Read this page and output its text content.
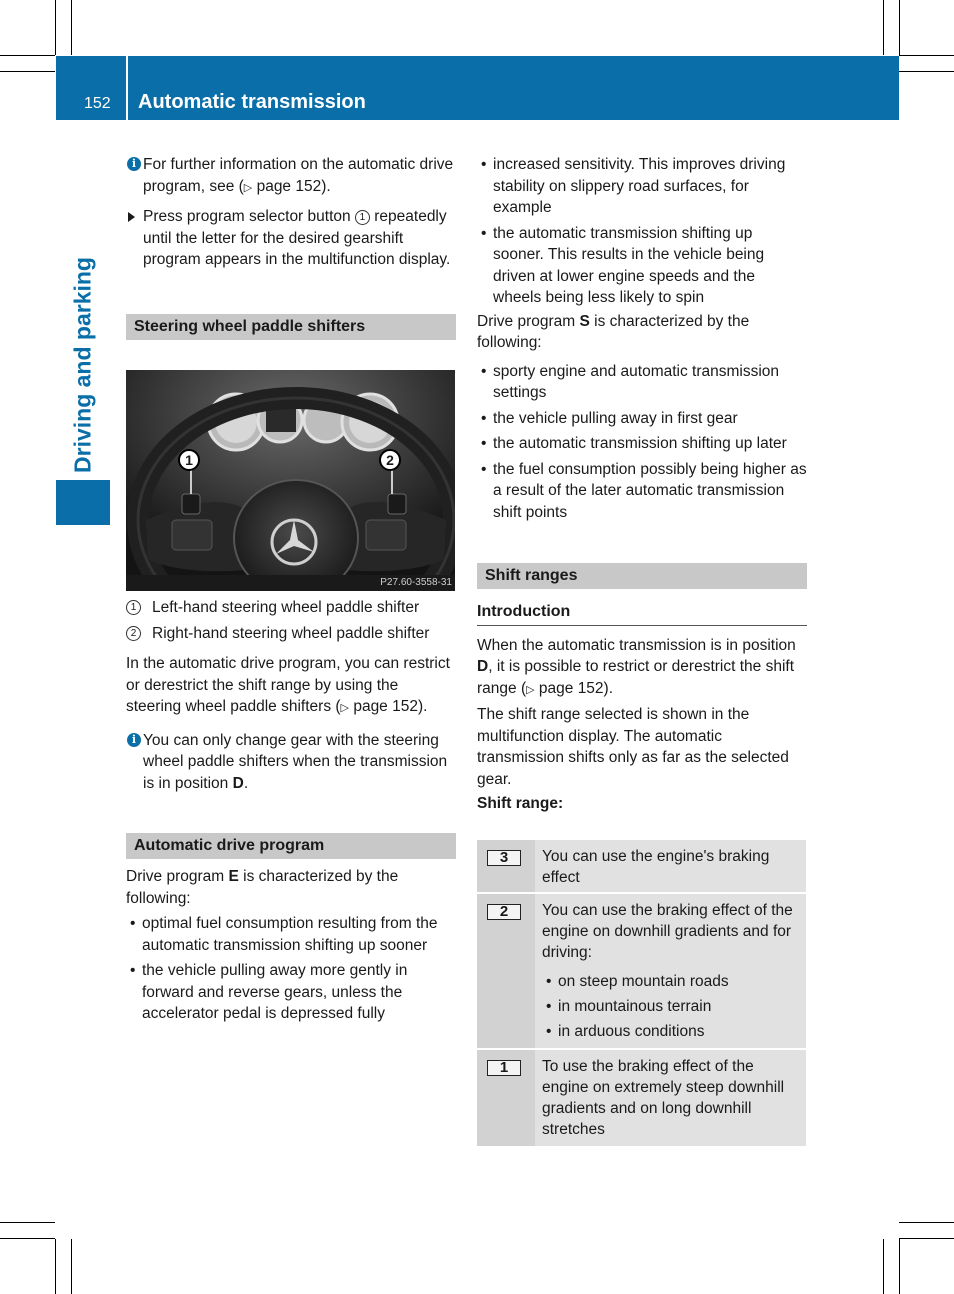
152 Automatic transmission
Driving and parking

i For further information on the automatic drive program, see (▷ page 152).

Press program selector button 1 repeatedly until the letter for the desired gearshift program appears in the multifunction display.

Steering wheel paddle shifters
1	2
P27.60-3558-31

1	Left-hand steering wheel paddle shifter

2	Right-hand steering wheel paddle shifter

In the automatic drive program, you can restrict or derestrict the shift range by using the steering wheel paddle shifters (▷ page 152).

i You can only change gear with the steering wheel paddle shifters when the transmission is in position D.

Automatic drive program

Drive program E is characterized by the following:

• optimal fuel consumption resulting from the automatic transmission shifting up sooner

• the vehicle pulling away more gently in forward and reverse gears, unless the accelerator pedal is depressed fully

• increased sensitivity. This improves driving stability on slippery road surfaces, for example

• the automatic transmission shifting up sooner. This results in the vehicle being driven at lower engine speeds and the wheels being less likely to spin

Drive program S is characterized by the following:

• sporty engine and automatic transmission settings

• the vehicle pulling away in first gear

• the automatic transmission shifting up later

• the fuel consumption possibly being higher as a result of the later automatic transmission shift points

Shift ranges

Introduction

When the automatic transmission is in position D, it is possible to restrict or derestrict the shift range (▷ page 152).

The shift range selected is shown in the multifunction display. The automatic transmission shifts only as far as the selected gear.

Shift range:

3	You can use the engine's braking effect
2	You can use the braking effect of the engine on downhill gradients and for driving:

• on steep mountain roads

• in mountainous terrain

• in arduous conditions

1	To use the braking effect of the engine on extremely steep downhill gradients and on long downhill stretches
